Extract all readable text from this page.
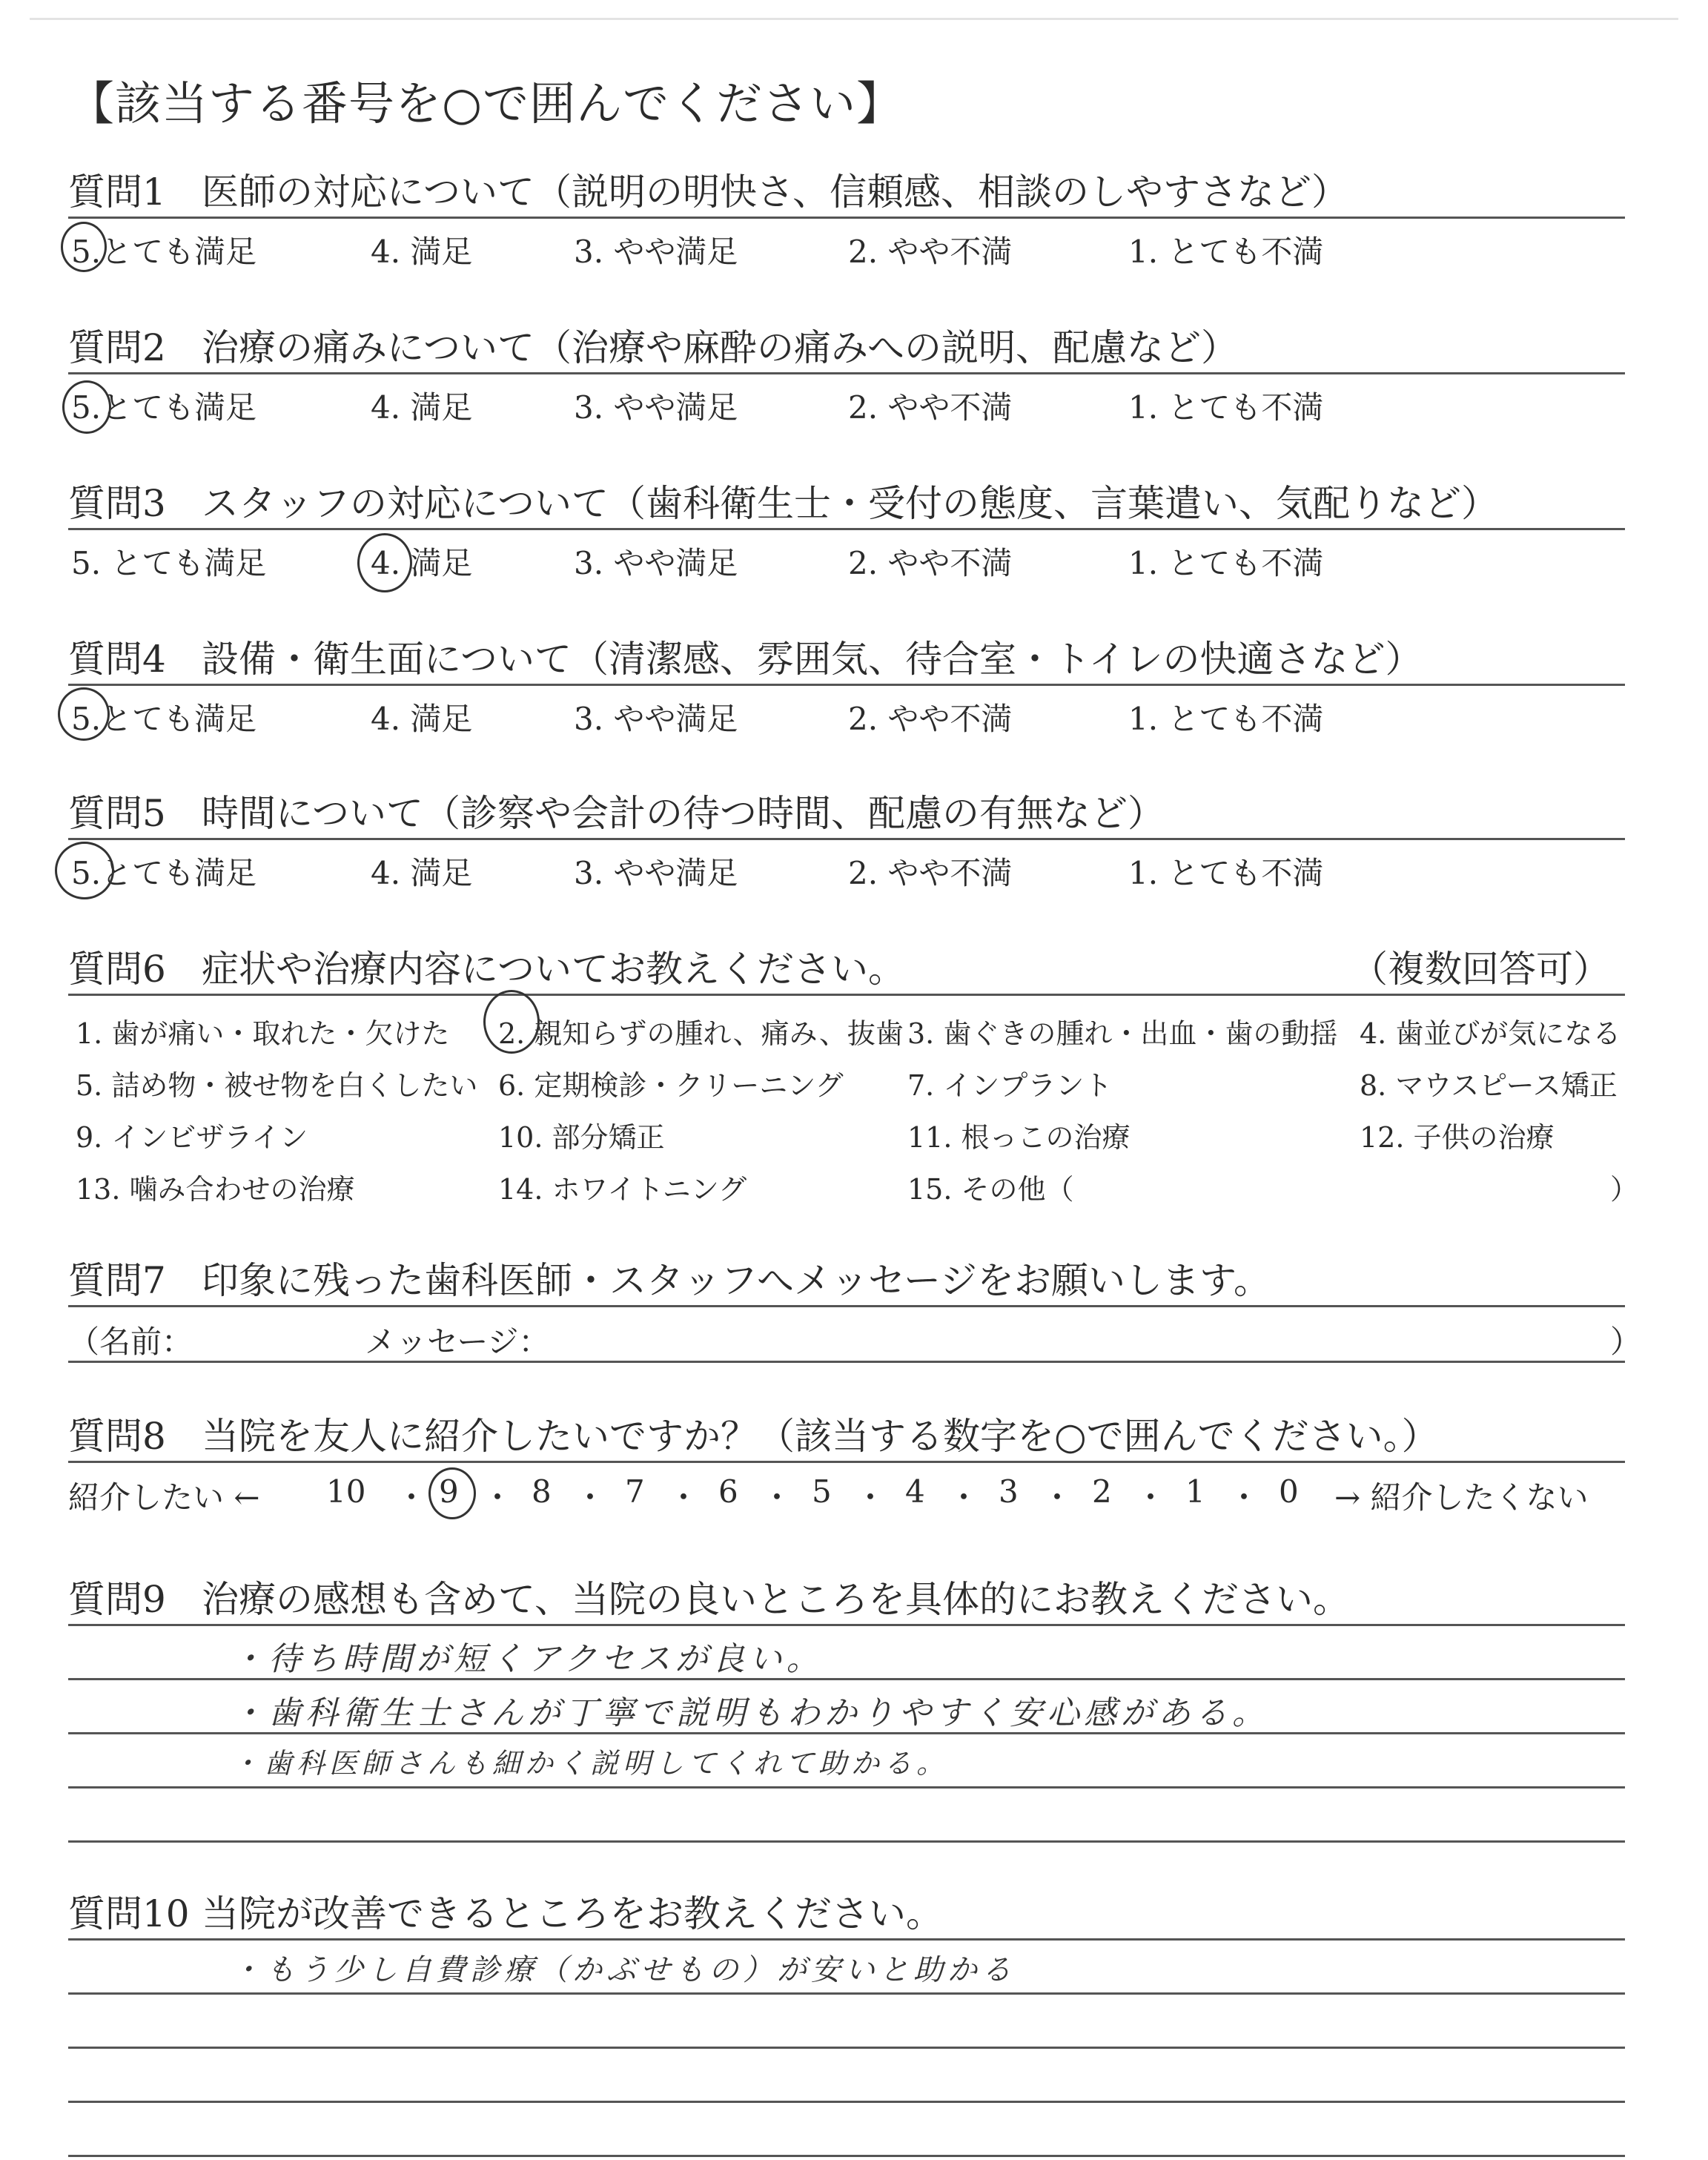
【該当する番号を○で囲んでください】
質問1 医師の対応について（説明の明快さ、信頼感、相談のしやすさなど）
5.とても満足	4. 満足	3. やや満足	2. やや不満	1. とても不満
質問2 治療の痛みについて（治療や麻酔の痛みへの説明、配慮など）
5.とても満足	4. 満足	3. やや満足	2. やや不満	1. とても不満
質問3 スタッフの対応について（歯科衛生士・受付の態度、言葉遣い、気配りなど）
5. とても満足	4. 満足	3. やや満足	2. やや不満	1. とても不満
質問4 設備・衛生面について（清潔感、雰囲気、待合室・トイレの快適さなど）
5.とても満足	4. 満足	3. やや満足	2. やや不満	1. とても不満
質問5 時間について（診察や会計の待つ時間、配慮の有無など）
5.とても満足	4. 満足	3. やや満足	2. やや不満	1. とても不満
質問6 症状や治療内容についてお教えください。	（複数回答可）
1. 歯が痛い・取れた・欠けた 2. 親知らずの腫れ、痛み、抜歯 3. 歯ぐきの腫れ・出血・歯の動揺 4. 歯並びが気になる
5. 詰め物・被せ物を白くしたい 6. 定期検診・クリーニング 7. インプラント	8. マウスピース矯正
9. インビザライン	10. 部分矯正	11. 根っこの治療	12. 子供の治療
13. 噛み合わせの治療	14. ホワイトニング	15. その他（	）
質問7 印象に残った歯科医師・スタッフへメッセージをお願いします。
（名前：	メッセージ：	）
質問8 当院を友人に紹介したいですか？（該当する数字を○で囲んでください。）
紹介したい ← 10 ・ 9 ・ 8 ・ 7 ・ 6 ・ 5 ・ 4 ・ 3 ・ 2 ・ 1 ・ 0 → 紹介したくない
質問9 治療の感想も含めて、当院の良いところを具体的にお教えください。
・待ち時間が短くアクセスが良い。
・歯科衛生士さんが丁寧で説明もわかりやすく安心感がある。
・歯科医師さんも細かく説明してくれて助かる。
質問10 当院が改善できるところをお教えください。
・もう少し自費診療（かぶせもの）が安いと助かる
